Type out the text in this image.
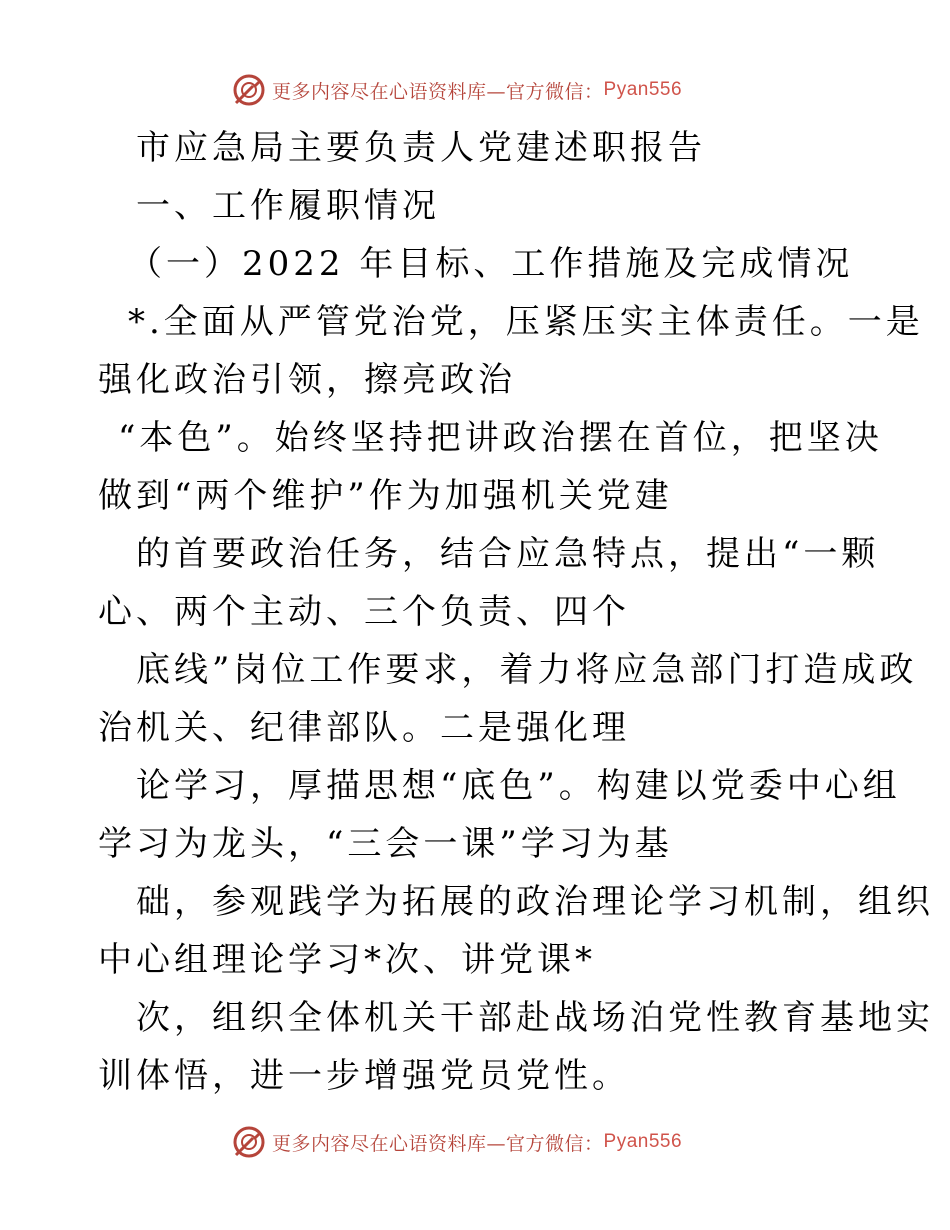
更多内容尽在心语资料库—官方微信： Pyan556
市应急局主要负责人党建述职报告
一、工作履职情况
（一）2022 年目标、工作措施及完成情况
*.全面从严管党治党，压紧压实主体责任。一是
强化政治引领，擦亮政治
“本色”。始终坚持把讲政治摆在首位，把坚决
做到“两个维护”作为加强机关党建
的首要政治任务，结合应急特点，提出“一颗
心、两个主动、三个负责、四个
底线”岗位工作要求，着力将应急部门打造成政
治机关、纪律部队。二是强化理
论学习，厚描思想“底色”。构建以党委中心组
学习为龙头，“三会一课”学习为基
础，参观践学为拓展的政治理论学习机制，组织
中心组理论学习*次、讲党课*
次，组织全体机关干部赴战场泊党性教育基地实
训体悟，进一步增强党员党性。
更多内容尽在心语资料库—官方微信： Pyan556
